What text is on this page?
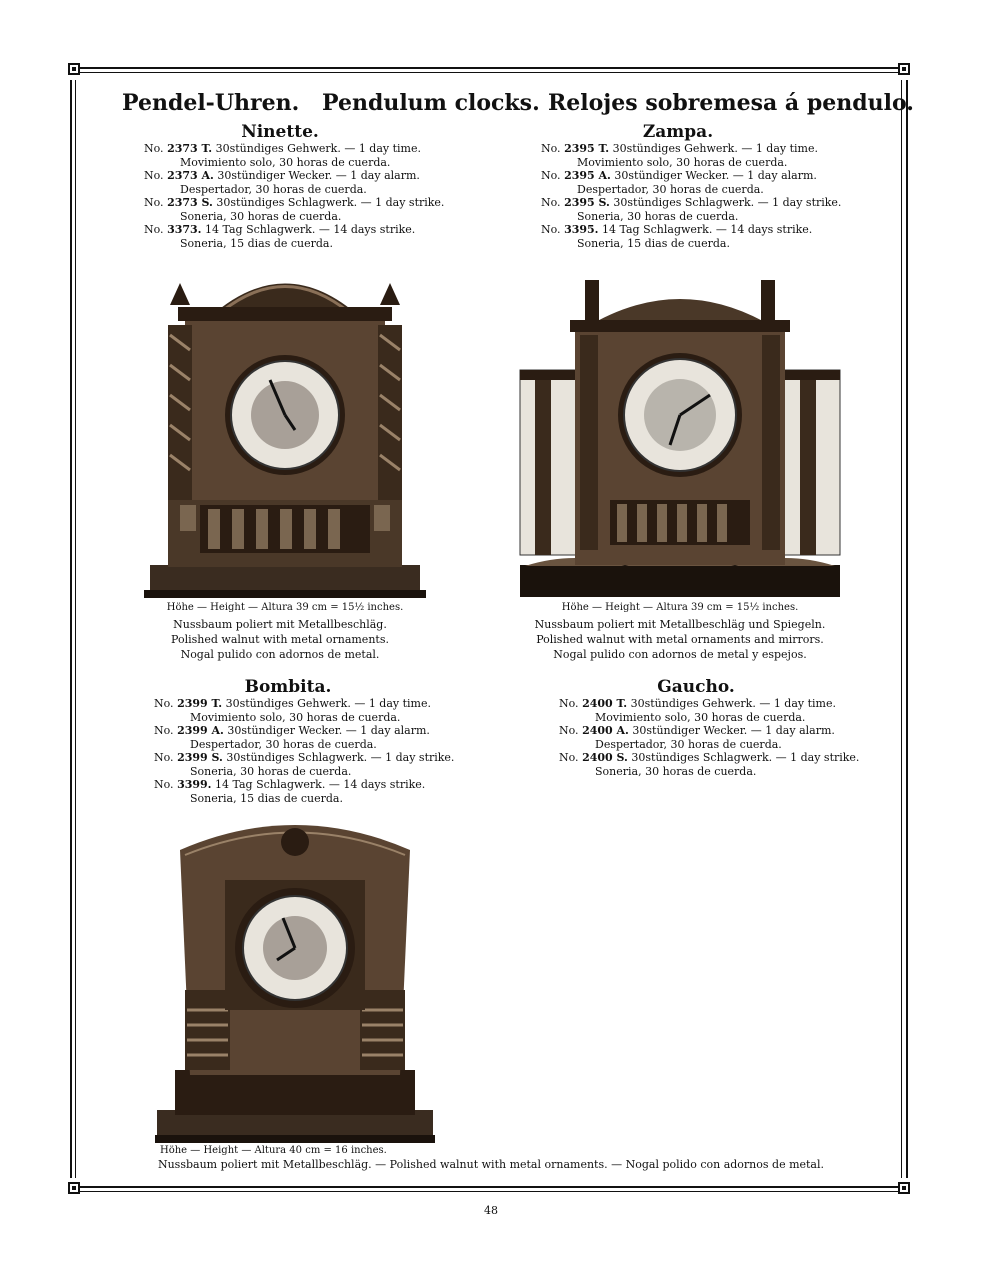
Pendel-Uhren. Pendulum clocks. Relojes sobremesa á pendulo.
Ninette.
No. 2373 T. 30stündiges Gehwerk. — 1 day time.
Movimiento solo, 30 horas de cuerda.
No. 2373 A. 30stündiger Wecker. — 1 day alarm.
Despertador, 30 horas de cuerda.
No. 2373 S. 30stündiges Schlagwerk. — 1 day strike.
Soneria, 30 horas de cuerda.
No. 3373. 14 Tag Schlagwerk. — 14 days strike.
Soneria, 15 dias de cuerda.
Zampa.
No. 2395 T. 30stündiges Gehwerk. — 1 day time.
Movimiento solo, 30 horas de cuerda.
No. 2395 A. 30stündiger Wecker. — 1 day alarm.
Despertador, 30 horas de cuerda.
No. 2395 S. 30stündiges Schlagwerk. — 1 day strike.
Soneria, 30 horas de cuerda.
No. 3395. 14 Tag Schlagwerk. — 14 days strike.
Soneria, 15 dias de cuerda.
Höhe — Height — Altura 39 cm = 15½ inches.
Nussbaum poliert mit Metallbeschläg.
Polished walnut with metal ornaments.
Nogal pulido con adornos de metal.
Höhe — Height — Altura 39 cm = 15½ inches.
Nussbaum poliert mit Metallbeschläg und Spiegeln.
Polished walnut with metal ornaments and mirrors.
Nogal pulido con adornos de metal y espejos.
Bombita.
No. 2399 T. 30stündiges Gehwerk. — 1 day time.
Movimiento solo, 30 horas de cuerda.
No. 2399 A. 30stündiger Wecker. — 1 day alarm.
Despertador, 30 horas de cuerda.
No. 2399 S. 30stündiges Schlagwerk. — 1 day strike.
Soneria, 30 horas de cuerda.
No. 3399. 14 Tag Schlagwerk. — 14 days strike.
Soneria, 15 dias de cuerda.
Gaucho.
No. 2400 T. 30stündiges Gehwerk. — 1 day time.
Movimiento solo, 30 horas de cuerda.
No. 2400 A. 30stündiger Wecker. — 1 day alarm.
Despertador, 30 horas de cuerda.
No. 2400 S. 30stündiges Schlagwerk. — 1 day strike.
Soneria, 30 horas de cuerda.
Höhe — Height — Altura 40 cm = 16 inches.
Nussbaum poliert mit Metallbeschläg. — Polished walnut with metal ornaments. — Nogal polido con adornos de metal.
48
